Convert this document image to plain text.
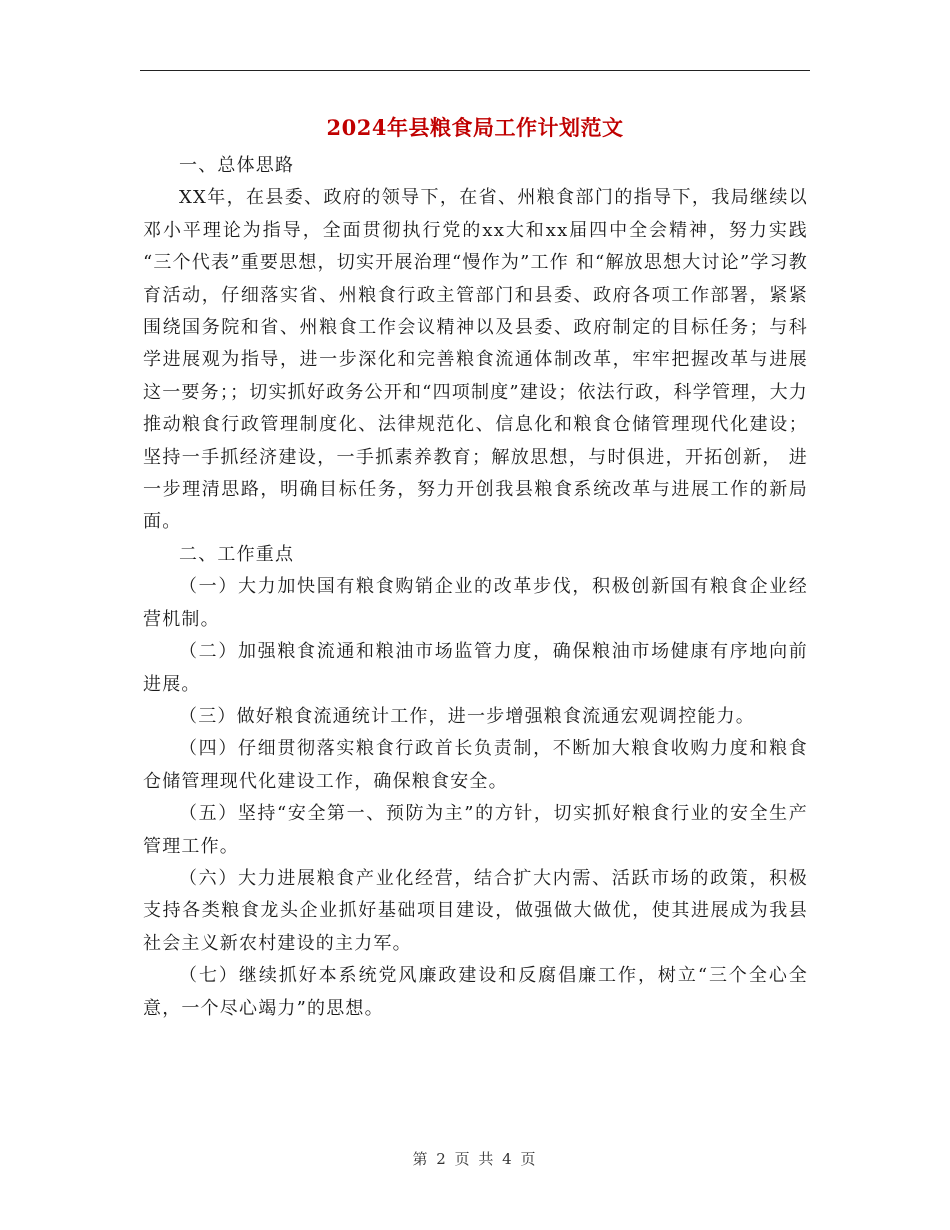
2024年县粮食局工作计划范文

一、总体思路

XX年，在县委、政府的领导下，在省、州粮食部门的指导下，我局继续以邓小平理论为指导，全面贯彻执行党的xx大和xx届四中全会精神，努力实践 “三个代表”重要思想，切实开展治理“慢作为”工作 和“解放思想大讨论”学习教育活动，仔细落实省、州粮食行政主管部门和县委、政府各项工作部署，紧紧围绕国务院和省、州粮食工作会议精神以及县委、政府制定的目标任务；与科学进展观为指导，进一步深化和完善粮食流通体制改革，牢牢把握改革与进展这一要务；；切实抓好政务公开和“四项制度”建设；依法行政，科学管理，大力推动粮食行政管理制度化、法律规范化、信息化和粮食仓储管理现代化建设；坚持一手抓经济建设，一手抓素养教育；解放思想，与时俱进，开拓创新， 进一步理清思路，明确目标任务，努力开创我县粮食系统改革与进展工作的新局面。

二、工作重点

（一）大力加快国有粮食购销企业的改革步伐，积极创新国有粮食企业经营机制。

（二）加强粮食流通和粮油市场监管力度，确保粮油市场健康有序地向前进展。

（三）做好粮食流通统计工作，进一步增强粮食流通宏观调控能力。

（四）仔细贯彻落实粮食行政首长负责制，不断加大粮食收购力度和粮食仓储管理现代化建设工作，确保粮食安全。

（五）坚持“安全第一、预防为主”的方针，切实抓好粮食行业的安全生产管理工作。

（六）大力进展粮食产业化经营，结合扩大内需、活跃市场的政策，积极支持各类粮食龙头企业抓好基础项目建设，做强做大做优，使其进展成为我县社会主义新农村建设的主力军。

（七）继续抓好本系统党风廉政建设和反腐倡廉工作，树立“三个全心全意，一个尽心竭力”的思想。

第 2 页 共 4 页
